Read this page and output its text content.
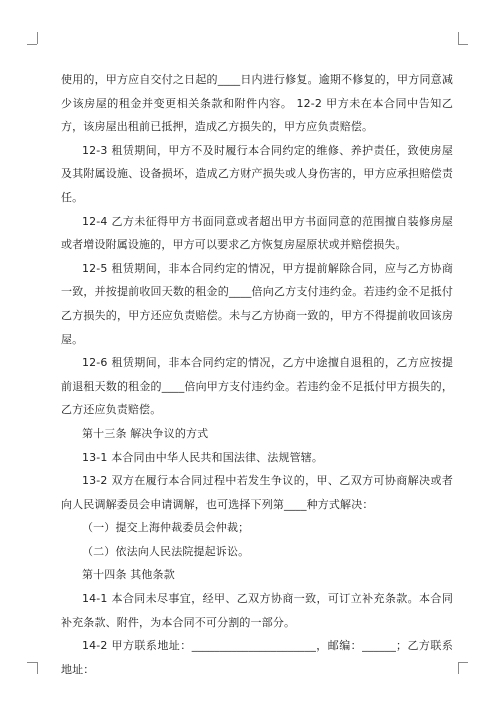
使用的，甲方应自交付之日起的____日内进行修复。逾期不修复的，甲方同意减少该房屋的租金并变更相关条款和附件内容。 12-2 甲方未在本合同中告知乙方，该房屋出租前已抵押，造成乙方损失的，甲方应负责赔偿。

12-3 租赁期间，甲方不及时履行本合同约定的维修、养护责任，致使房屋及其附属设施、设备损坏，造成乙方财产损失或人身伤害的，甲方应承担赔偿责任。

12-4 乙方未征得甲方书面同意或者超出甲方书面同意的范围擅自装修房屋或者增设附属设施的，甲方可以要求乙方恢复房屋原状或并赔偿损失。

12-5 租赁期间，非本合同约定的情况，甲方提前解除合同，应与乙方协商一致，并按提前收回天数的租金的____倍向乙方支付违约金。若违约金不足抵付乙方损失的，甲方还应负责赔偿。未与乙方协商一致的，甲方不得提前收回该房屋。

12-6 租赁期间，非本合同约定的情况，乙方中途擅自退租的，乙方应按提前退租天数的租金的____倍向甲方支付违约金。若违约金不足抵付甲方损失的，乙方还应负责赔偿。

第十三条 解决争议的方式

13-1 本合同由中华人民共和国法律、法规管辖。

13-2 双方在履行本合同过程中若发生争议的，甲、乙双方可协商解决或者向人民调解委员会申请调解，也可选择下列第____种方式解决：

（一）提交上海仲裁委员会仲裁；

（二）依法向人民法院提起诉讼。

第十四条 其他条款

14-1 本合同未尽事宜，经甲、乙双方协商一致，可订立补充条款。本合同补充条款、附件，为本合同不可分割的一部分。

14-2 甲方联系地址：______________________，邮编：______；乙方联系地址：
